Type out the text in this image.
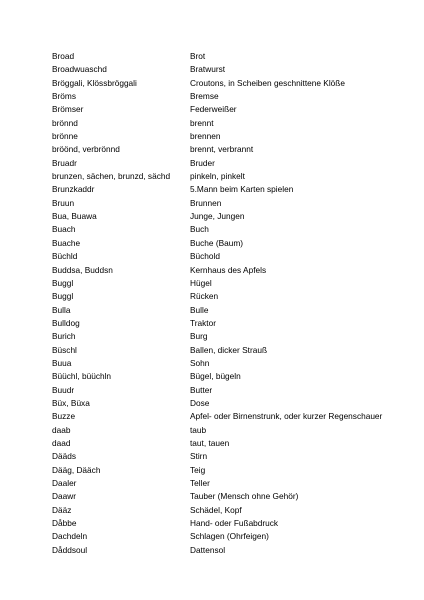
Broad	Brot
Broadwuaschd	Bratwurst
Bröggali, Klössbröggali	Croutons, in Scheiben geschnittene Klöße
Bröms	Bremse
Brömser	Federweißer
brönnd	brennt
brönne	brennen
bröönd, verbrönnd	brennt, verbrannt
Bruadr	Bruder
brunzen, sächen, brunzd, sächd	pinkeln, pinkelt
Brunzkaddr	5.Mann beim Karten spielen
Bruun	Brunnen
Bua, Buawa	Junge, Jungen
Buach	Buch
Buache	Buche (Baum)
Büchld	Büchold
Buddsa, Buddsn	Kernhaus des Apfels
Buggl	Hügel
Buggl	Rücken
Bulla	Bulle
Bulldog	Traktor
Burich	Burg
Büschl	Ballen, dicker Strauß
Buua	Sohn
Büüchl, büüchln	Bügel, bügeln
Buudr	Butter
Büx, Büxa	Dose
Buzze	Apfel- oder Birnenstrunk, oder kurzer Regenschauer
daab	taub
daad	taut, tauen
Dääds	Stirn
Dääg, Dääch	Teig
Daaler	Teller
Daawr	Tauber (Mensch ohne Gehör)
Dääz	Schädel, Kopf
Dåbbe	Hand- oder Fußabdruck
Dachdeln	Schlagen (Ohrfeigen)
Dåddsoul	Dattensol
